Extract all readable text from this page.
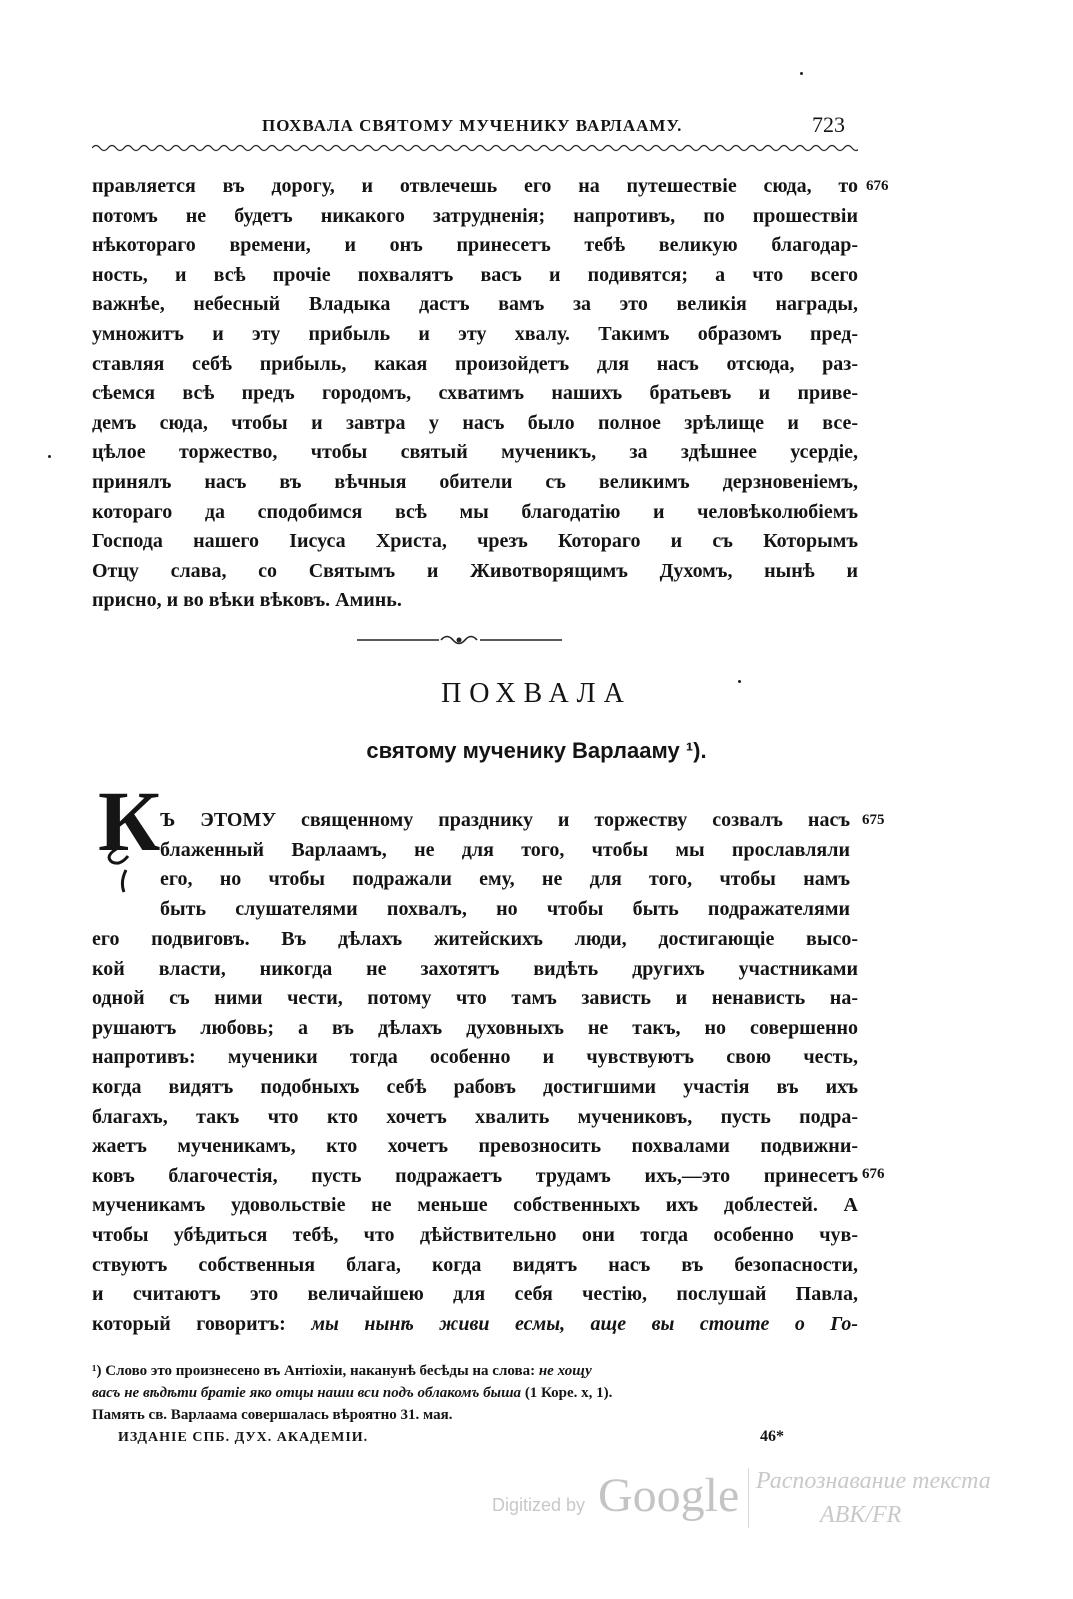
ПОХВАЛА СВЯТОМУ МУЧЕНИКУ ВАРЛААМУ.	723
правляется въ дорогу, и отвлечешь его на путешествіе сюда, то
потомъ не будетъ никакого затрудненія; напротивъ, по прошествіи
нѣкотораго времени, и онъ принесетъ тебѣ великую благодар-
ность, и всѣ прочіе похвалятъ васъ и подивятся; а что всего
важнѣе, небесный Владыка дастъ вамъ за это великія награды,
умножитъ и эту прибыль и эту хвалу. Такимъ образомъ пред-
ставляя себѣ прибыль, какая произойдетъ для насъ отсюда, раз-
сѣемся всѣ предъ городомъ, схватимъ нашихъ братьевъ и приве-
демъ сюда, чтобы и завтра у насъ было полное зрѣлище и все-
цѣлое торжество, чтобы святый мученикъ, за здѣшнее усердіе,
принялъ насъ въ вѣчныя обители съ великимъ дерзновеніемъ,
котораго да сподобимся всѣ мы благодатію и человѣколюбіемъ
Господа нашего Іисуса Христа, чрезъ Котораго и съ Которымъ
Отцу слава, со Святымъ и Животворящимъ Духомъ, нынѣ и
присно, и во вѣки вѣковъ. Аминь.
676
ПОХВАЛА
святому мученику Варлааму ¹).
К Ъ ЭТОМУ священному празднику и торжеству созвалъ насъ
блаженный Варлаамъ, не для того, чтобы мы прославляли
его, но чтобы подражали ему, не для того, чтобы намъ
быть слушателями похвалъ, но чтобы быть подражателями
675
его подвиговъ. Въ дѣлахъ житейскихъ люди, достигающіе высо-
кой власти, никогда не захотятъ видѣть другихъ участниками
одной съ ними чести, потому что тамъ зависть и ненависть на-
рушаютъ любовь; а въ дѣлахъ духовныхъ не такъ, но совершенно
напротивъ: мученики тогда особенно и чувствуютъ свою честь,
когда видятъ подобныхъ себѣ рабовъ достигшими участія въ ихъ
благахъ, такъ что кто хочетъ хвалить мучениковъ, пусть подра-
жаетъ мученикамъ, кто хочетъ превозносить похвалами подвижни-
ковъ благочестія, пусть подражаетъ трудамъ ихъ,—это принесетъ
мученикамъ удовольствіе не меньше собственныхъ ихъ доблестей. А
чтобы убѣдиться тебѣ, что дѣйствительно они тогда особенно чув-
ствуютъ собственныя блага, когда видятъ насъ въ безопасности,
и считаютъ это величайшею для себя честію, послушай Павла,
который говоритъ: мы нынѣ живи есмы, аще вы стоите о Го-
676
¹) Слово это произнесено въ Антіохіи, наканунѣ бесѣды на слова: не хощу
васъ не вѣдѣти братіе яко отцы наши вси подъ облакомъ быша (1 Коре. х, 1).
Память св. Варлаама совершалась вѣроятно 31. мая.
ИЗДАНІЕ СПБ. ДУХ. АКАДЕМІИ.	46*
Digitized by Google Распознавание текста
ABK/FR
